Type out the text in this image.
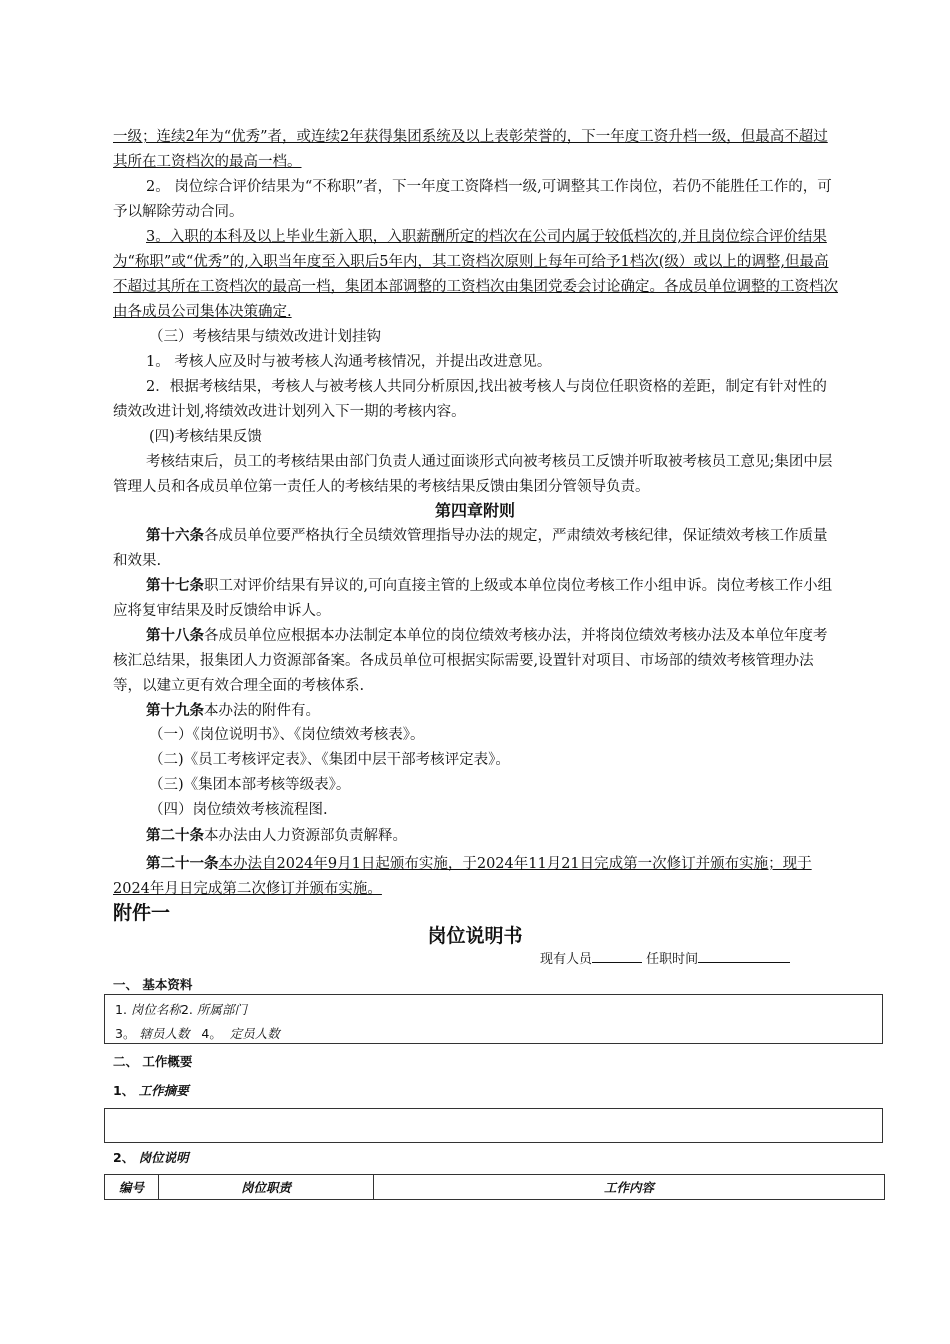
一级；连续2年为“优秀”者，或连续2年获得集团系统及以上表彰荣誉的，下一年度工资升档一级，但最高不超过其所在工资档次的最高一档。
2。 岗位综合评价结果为“不称职”者，下一年度工资降档一级,可调整其工作岗位，若仍不能胜任工作的，可予以解除劳动合同。
3。入职的本科及以上毕业生新入职，入职薪酬所定的档次在公司内属于较低档次的,并且岗位综合评价结果为“称职”或“优秀”的,入职当年度至入职后5年内，其工资档次原则上每年可给予1档次(级）或以上的调整,但最高不超过其所在工资档次的最高一档，集团本部调整的工资档次由集团党委会讨论确定。各成员单位调整的工资档次由各成员公司集体决策确定.
（三）考核结果与绩效改进计划挂钩
1。 考核人应及时与被考核人沟通考核情况，并提出改进意见。
2．根据考核结果，考核人与被考核人共同分析原因,找出被考核人与岗位任职资格的差距，制定有针对性的绩效改进计划,将绩效改进计划列入下一期的考核内容。
(四)考核结果反馈
考核结束后，员工的考核结果由部门负责人通过面谈形式向被考核员工反馈并听取被考核员工意见;集团中层管理人员和各成员单位第一责任人的考核结果的考核结果反馈由集团分管领导负责。
第四章附则
第十六条各成员单位要严格执行全员绩效管理指导办法的规定，严肃绩效考核纪律，保证绩效考核工作质量和效果.
第十七条职工对评价结果有异议的,可向直接主管的上级或本单位岗位考核工作小组申诉。岗位考核工作小组应将复审结果及时反馈给申诉人。
第十八条各成员单位应根据本办法制定本单位的岗位绩效考核办法，并将岗位绩效考核办法及本单位年度考核汇总结果，报集团人力资源部备案。各成员单位可根据实际需要,设置针对项目、市场部的绩效考核管理办法等，以建立更有效合理全面的考核体系.
第十九条本办法的附件有。
（一）《岗位说明书》、《岗位绩效考核表》。
（二)《员工考核评定表》、《集团中层干部考核评定表》。
（三)《集团本部考核等级表》。
（四）岗位绩效考核流程图.
第二十条本办法由人力资源部负责解释。
第二十一条本办法自2024年9月1日起颁布实施，于2024年11月21日完成第一次修订并颁布实施；现于2024年月日完成第二次修订并颁布实施。
附件一
岗位说明书
现有人员	任职时间
一、 基本资料
1. 岗位名称2. 所属部门
3。 辖员人数 4。 定员人数
二、 工作概要
1、 工作摘要
2、 岗位说明
编号	岗位职责	工作内容
